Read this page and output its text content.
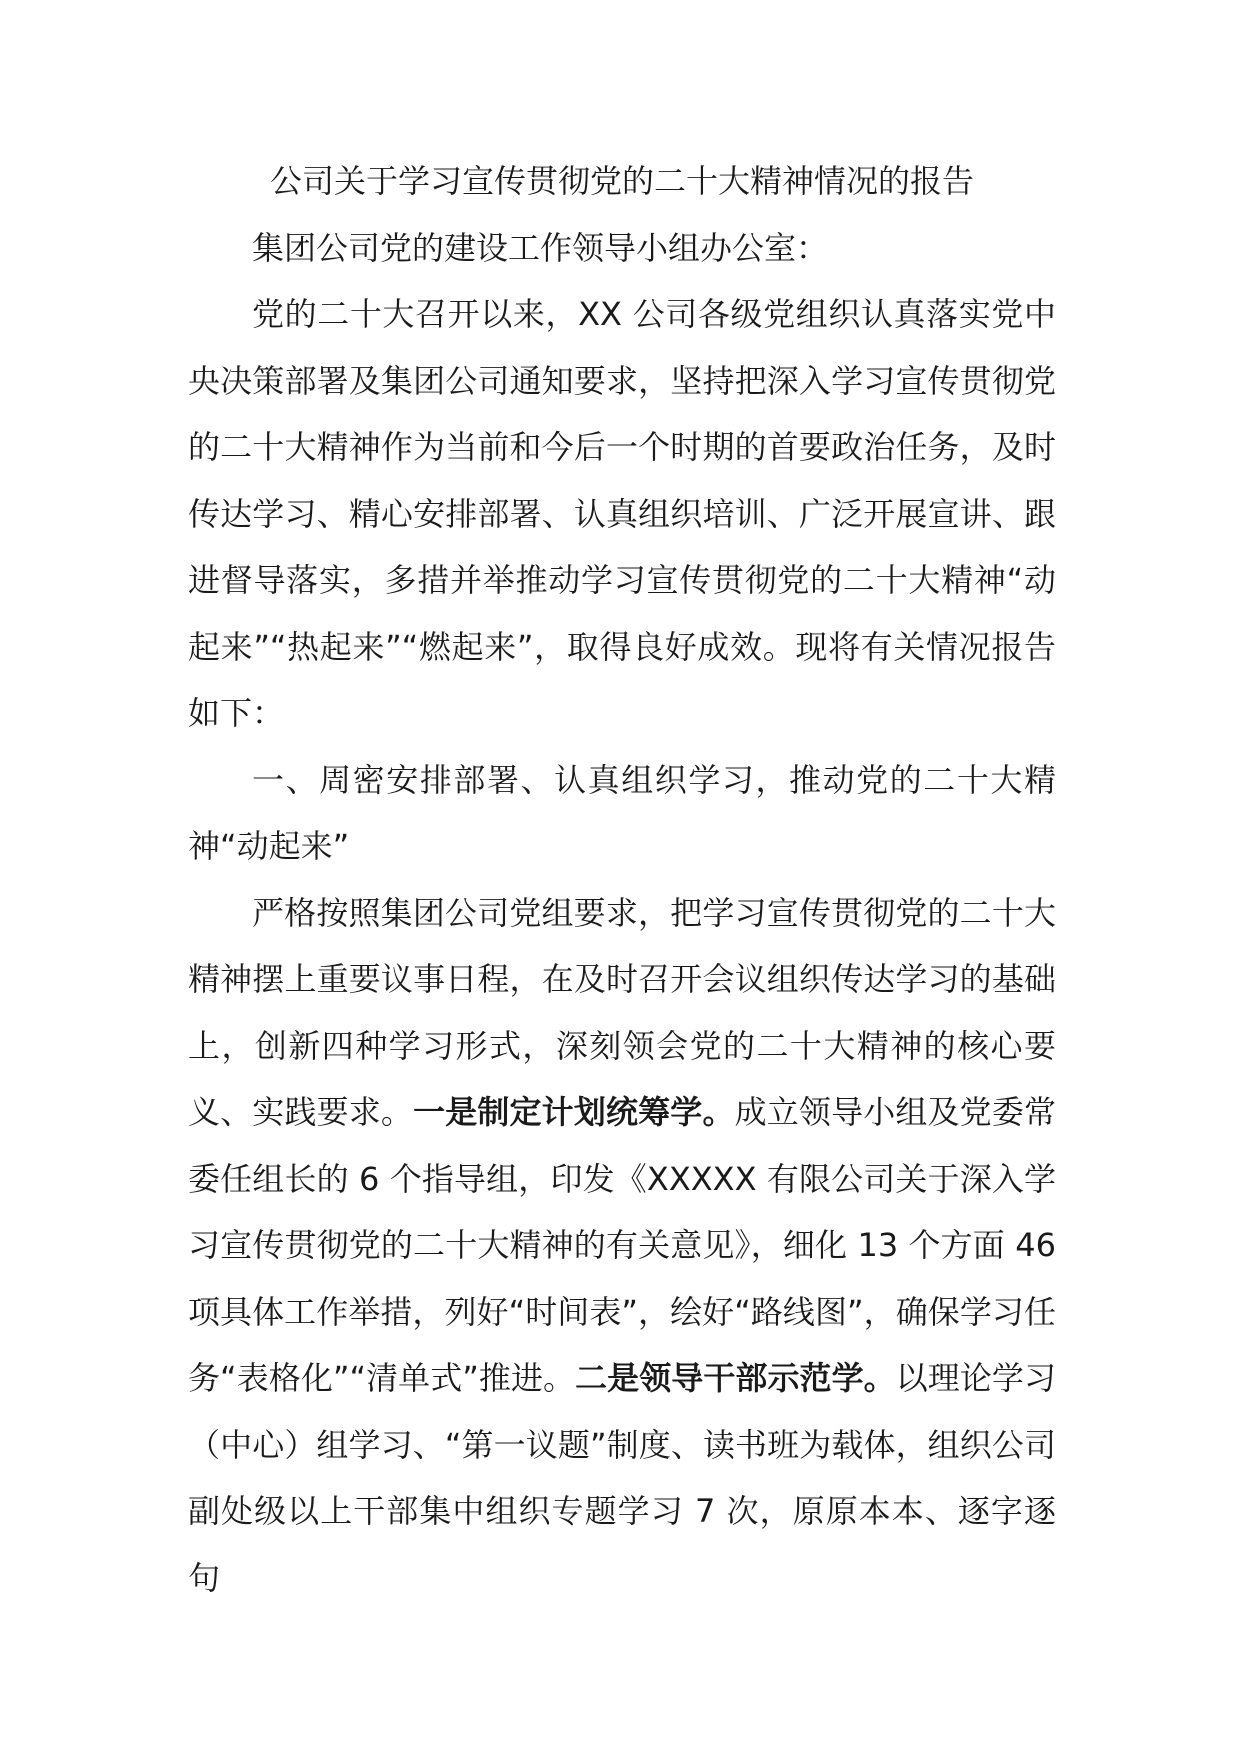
公司关于学习宣传贯彻党的二十大精神情况的报告

集团公司党的建设工作领导小组办公室：

党的二十大召开以来，XX 公司各级党组织认真落实党中央决策部署及集团公司通知要求，坚持把深入学习宣传贯彻党的二十大精神作为当前和今后一个时期的首要政治任务，及时传达学习、精心安排部署、认真组织培训、广泛开展宣讲、跟进督导落实，多措并举推动学习宣传贯彻党的二十大精神“动起来”“热起来”“燃起来”，取得良好成效。现将有关情况报告如下：

一、周密安排部署、认真组织学习，推动党的二十大精神“动起来”

严格按照集团公司党组要求，把学习宣传贯彻党的二十大精神摆上重要议事日程，在及时召开会议组织传达学习的基础上，创新四种学习形式，深刻领会党的二十大精神的核心要义、实践要求。一是制定计划统筹学。成立领导小组及党委常委任组长的 6 个指导组，印发《XXXXX 有限公司关于深入学习宣传贯彻党的二十大精神的有关意见》，细化 13 个方面 46 项具体工作举措，列好“时间表”，绘好“路线图”，确保学习任务“表格化”“清单式”推进。二是领导干部示范学。以理论学习（中心）组学习、“第一议题”制度、读书班为载体，组织公司副处级以上干部集中组织专题学习 7 次，原原本本、逐字逐句
